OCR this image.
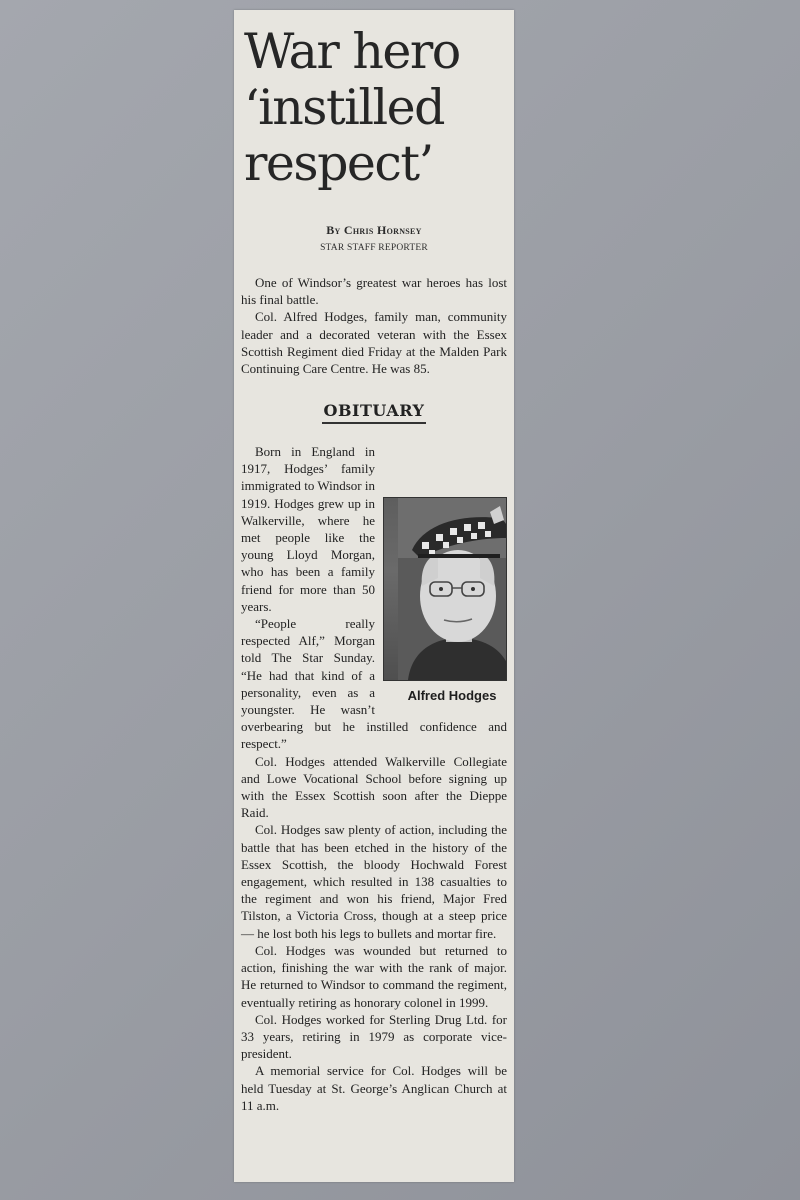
War hero
‘instilled
respect’
By Chris Hornsey
STAR STAFF REPORTER

One of Windsor’s greatest war heroes has lost his final battle.

Col. Alfred Hodges, family man, community leader and a decorated veteran with the Essex Scottish Regiment died Friday at the Malden Park Continuing Care Centre. He was 85.

OBITUARY

Alfred Hodges
Born in England in 1917, Hodges’ family immigrated to Windsor in 1919. Hodges grew up in Walkerville, where he met people like the young Lloyd Morgan, who has been a family friend for more than 50 years.

“People really respected Alf,” Morgan told The Star Sunday. “He had that kind of a personality, even as a youngster. He wasn’t overbearing but he instilled confidence and respect.”

Col. Hodges attended Walkerville Collegiate and Lowe Vocational School before signing up with the Essex Scottish soon after the Dieppe Raid.

Col. Hodges saw plenty of action, including the battle that has been etched in the history of the Essex Scottish, the bloody Hochwald Forest engagement, which resulted in 138 casualties to the regiment and won his friend, Major Fred Tilston, a Victoria Cross, though at a steep price — he lost both his legs to bullets and mortar fire.

Col. Hodges was wounded but returned to action, finishing the war with the rank of major. He returned to Windsor to command the regiment, eventually retiring as honorary colonel in 1999.

Col. Hodges worked for Sterling Drug Ltd. for 33 years, retiring in 1979 as corporate vice-president.

A memorial service for Col. Hodges will be held Tuesday at St. George’s Anglican Church at 11 a.m.
